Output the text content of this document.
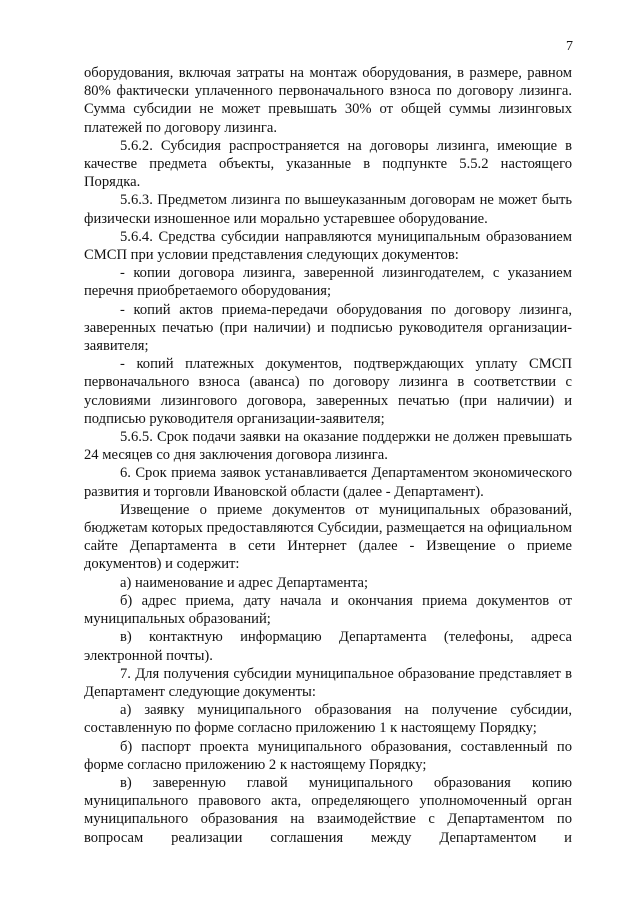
7

оборудования, включая затраты на монтаж оборудования, в размере, равном 80% фактически уплаченного первоначального взноса по договору лизинга. Сумма субсидии не может превышать 30% от общей суммы лизинговых платежей по договору лизинга.

5.6.2. Субсидия распространяется на договоры лизинга, имеющие в качестве предмета объекты, указанные в подпункте 5.5.2 настоящего Порядка.

5.6.3. Предметом лизинга по вышеуказанным договорам не может быть физически изношенное или морально устаревшее оборудование.

5.6.4. Средства субсидии направляются муниципальным образованием СМСП при условии представления следующих документов:

- копии договора лизинга, заверенной лизингодателем, с указанием перечня приобретаемого оборудования;

- копий актов приема-передачи оборудования по договору лизинга, заверенных печатью (при наличии) и подписью руководителя организации-заявителя;

- копий платежных документов, подтверждающих уплату СМСП первоначального взноса (аванса) по договору лизинга в соответствии с условиями лизингового договора, заверенных печатью (при наличии) и подписью руководителя организации-заявителя;

5.6.5. Срок подачи заявки на оказание поддержки не должен превышать 24 месяцев со дня заключения договора лизинга.

6. Срок приема заявок устанавливается Департаментом экономического развития и торговли Ивановской области (далее - Департамент).

Извещение о приеме документов от муниципальных образований, бюджетам которых предоставляются Субсидии, размещается на официальном сайте Департамента в сети Интернет (далее - Извещение о приеме документов) и содержит:

а) наименование и адрес Департамента;

б) адрес приема, дату начала и окончания приема документов от муниципальных образований;

в) контактную информацию Департамента (телефоны, адреса электронной почты).

7. Для получения субсидии муниципальное образование представляет в Департамент следующие документы:

а) заявку муниципального образования на получение субсидии, составленную по форме согласно приложению 1 к настоящему Порядку;

б) паспорт проекта муниципального образования, составленный по форме согласно приложению 2 к настоящему Порядку;

в) заверенную главой муниципального образования копию муниципального правового акта, определяющего уполномоченный орган муниципального образования на взаимодействие с Департаментом по вопросам реализации соглашения между Департаментом и
